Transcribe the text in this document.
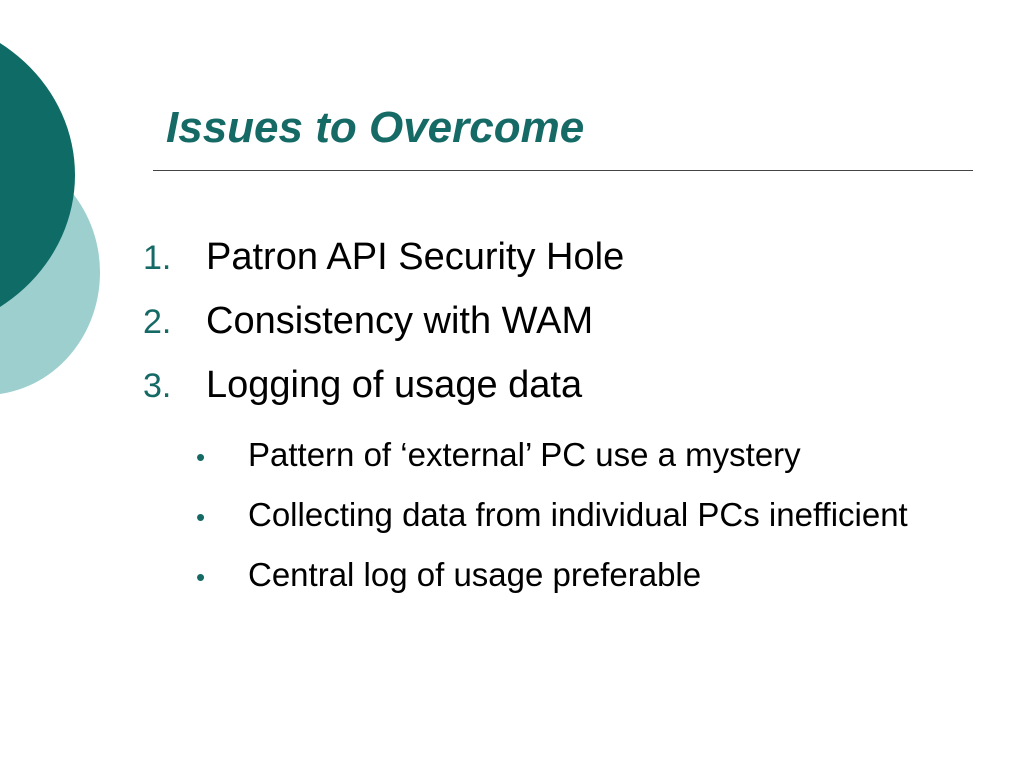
Issues to Overcome
1. Patron API Security Hole
2. Consistency with WAM
3. Logging of usage data
•	Pattern of ‘external’ PC use a mystery
•	Collecting data from individual PCs inefficient
•	Central log of usage preferable
